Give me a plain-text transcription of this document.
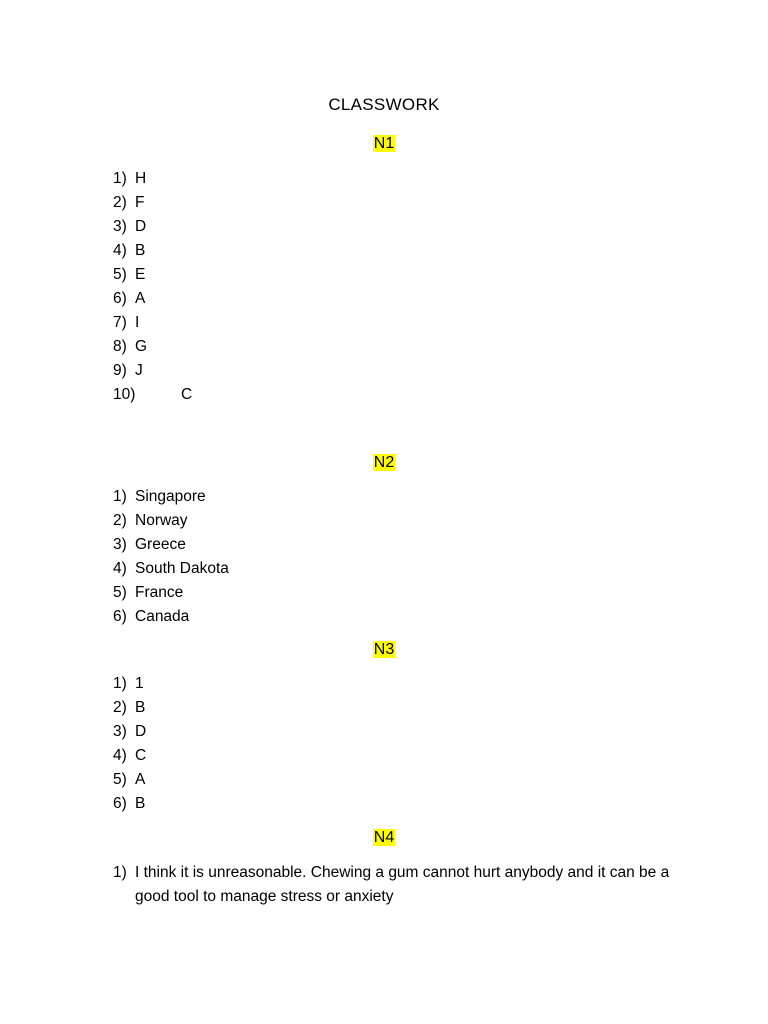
CLASSWORK
N1
1) H
2) F
3) D
4) B
5) E
6) A
7) I
8) G
9) J
10)	C
N2
1) Singapore
2) Norway
3) Greece
4) South Dakota
5) France
6) Canada
N3
1) 1
2) B
3) D
4) C
5) A
6) B
N4
1) I think it is unreasonable. Chewing a gum cannot hurt anybody and it can be a good tool to manage stress or anxiety
